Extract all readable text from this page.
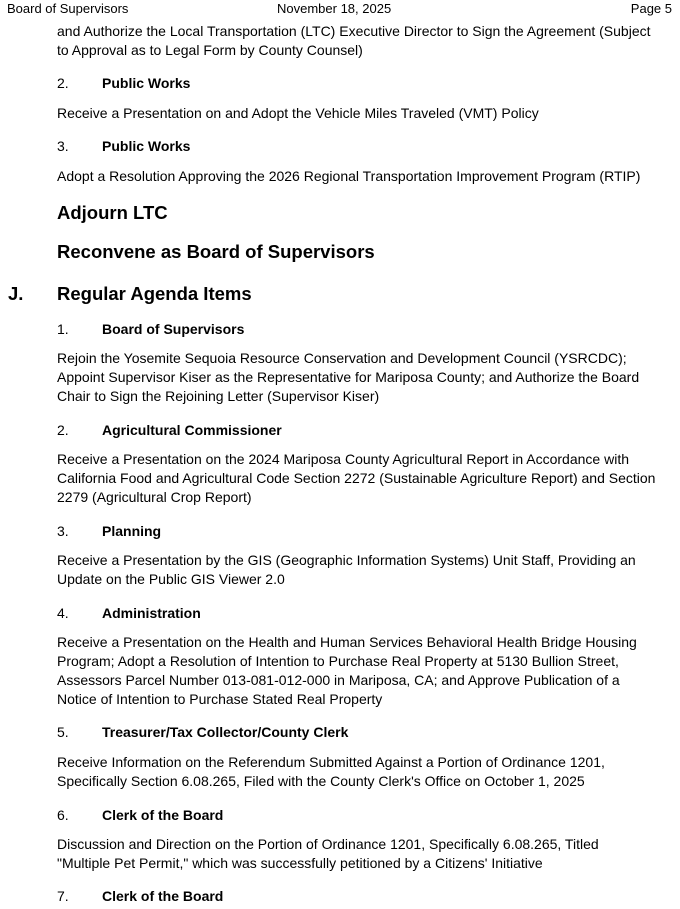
Board of Supervisors	November 18, 2025	Page 5
and Authorize the Local Transportation (LTC) Executive Director to Sign the Agreement (Subject
to Approval as to Legal Form by County Counsel)
2. Public Works
Receive a Presentation on and Adopt the Vehicle Miles Traveled (VMT) Policy
3. Public Works
Adopt a Resolution Approving the 2026 Regional Transportation Improvement Program (RTIP)
Adjourn LTC
Reconvene as Board of Supervisors
J. Regular Agenda Items
1. Board of Supervisors
Rejoin the Yosemite Sequoia Resource Conservation and Development Council (YSRCDC);
Appoint Supervisor Kiser as the Representative for Mariposa County; and Authorize the Board
Chair to Sign the Rejoining Letter (Supervisor Kiser)
2. Agricultural Commissioner
Receive a Presentation on the 2024 Mariposa County Agricultural Report in Accordance with
California Food and Agricultural Code Section 2272 (Sustainable Agriculture Report) and Section
2279 (Agricultural Crop Report)
3. Planning
Receive a Presentation by the GIS (Geographic Information Systems) Unit Staff, Providing an
Update on the Public GIS Viewer 2.0
4. Administration
Receive a Presentation on the Health and Human Services Behavioral Health Bridge Housing
Program; Adopt a Resolution of Intention to Purchase Real Property at 5130 Bullion Street,
Assessors Parcel Number 013-081-012-000 in Mariposa, CA; and Approve Publication of a
Notice of Intention to Purchase Stated Real Property
5. Treasurer/Tax Collector/County Clerk
Receive Information on the Referendum Submitted Against a Portion of Ordinance 1201,
Specifically Section 6.08.265, Filed with the County Clerk's Office on October 1, 2025
6. Clerk of the Board
Discussion and Direction on the Portion of Ordinance 1201, Specifically 6.08.265, Titled
"Multiple Pet Permit," which was successfully petitioned by a Citizens' Initiative
7. Clerk of the Board
